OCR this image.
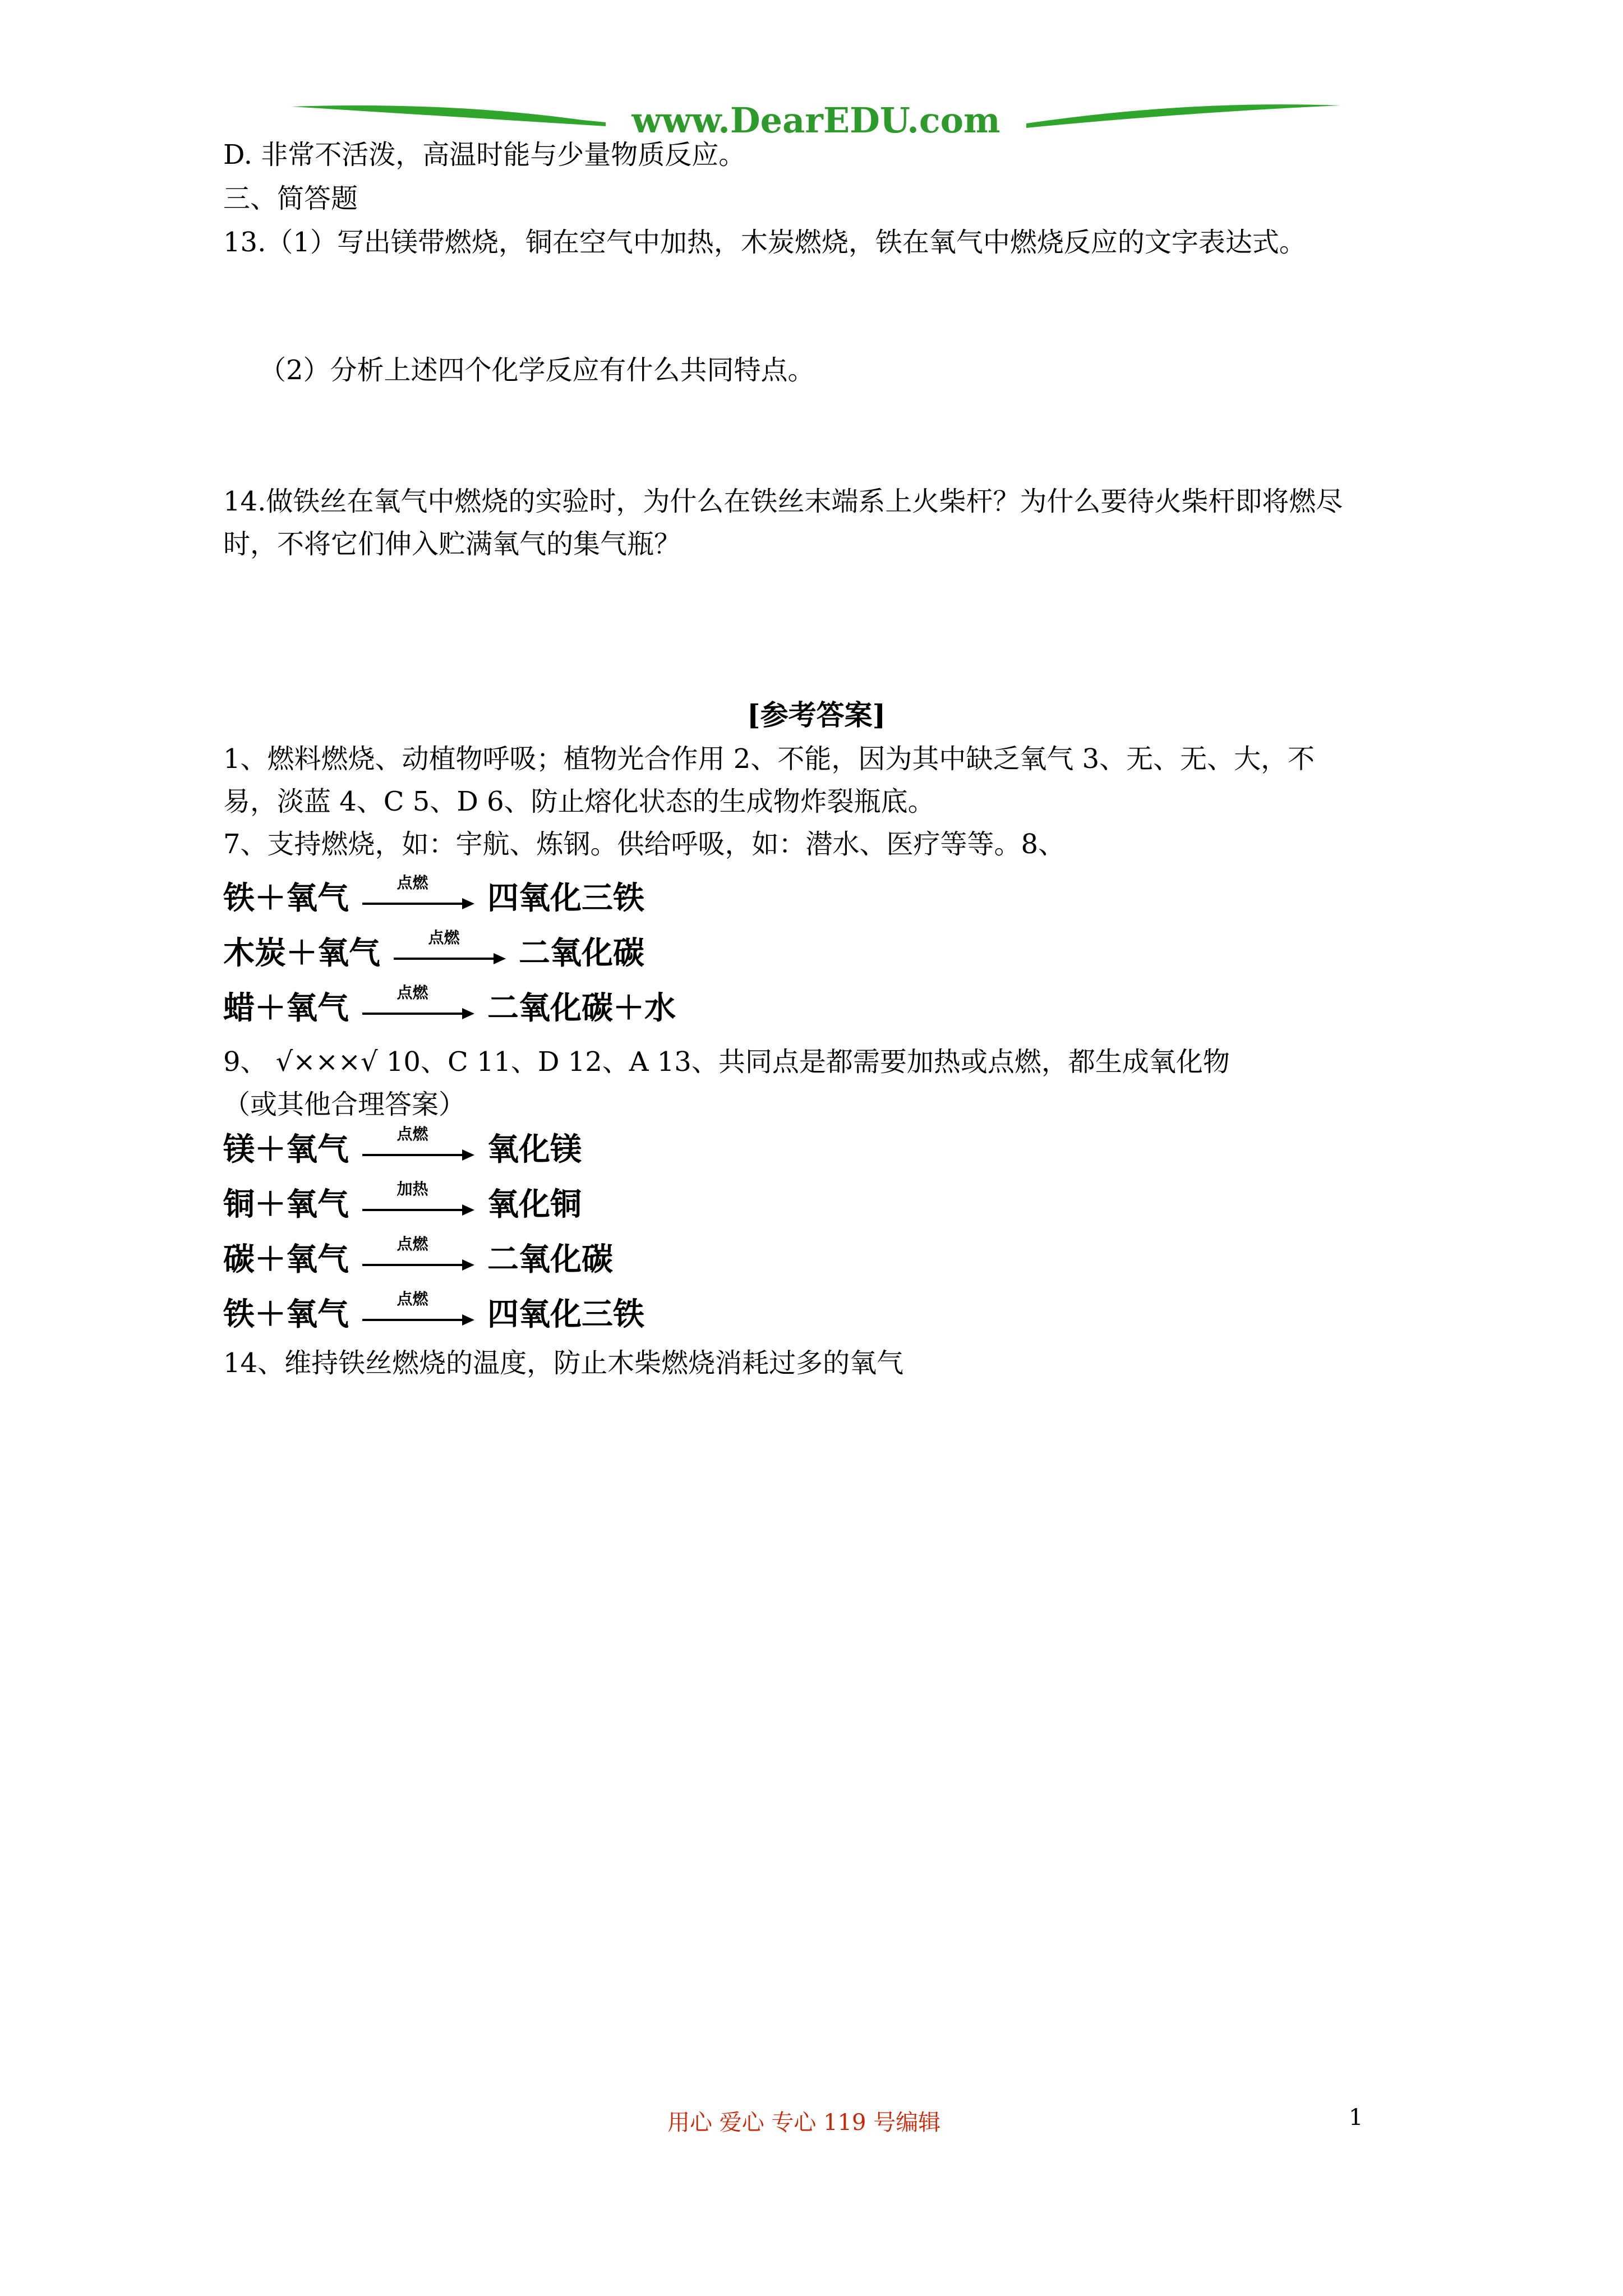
www.DearEDU.com
D. 非常不活泼，高温时能与少量物质反应。
三、简答题
13.（1）写出镁带燃烧，铜在空气中加热，木炭燃烧，铁在氧气中燃烧反应的文字表达式。
（2）分析上述四个化学反应有什么共同特点。
14.做铁丝在氧气中燃烧的实验时，为什么在铁丝末端系上火柴杆？为什么要待火柴杆即将燃尽
时，不将它们伸入贮满氧气的集气瓶？
[参考答案]
1、燃料燃烧、动植物呼吸；植物光合作用 2、不能，因为其中缺乏氧气 3、无、无、大，不
易，淡蓝 4、C 5、D 6、防止熔化状态的生成物炸裂瓶底。
7、支持燃烧，如：宇航、炼钢。供给呼吸，如：潜水、医疗等等。8、
铁＋氧气	点燃	四氧化三铁
木炭＋氧气	点燃	二氧化碳
蜡＋氧气	点燃	二氧化碳＋水
9、 √×××√ 10、C 11、D 12、A 13、共同点是都需要加热或点燃，都生成氧化物
（或其他合理答案）
镁＋氧气	点燃	氧化镁
铜＋氧气	加热	氧化铜
碳＋氧气	点燃	二氧化碳
铁＋氧气	点燃	四氧化三铁
14、维持铁丝燃烧的温度，防止木柴燃烧消耗过多的氧气
用心 爱心 专心 119 号编辑	1
